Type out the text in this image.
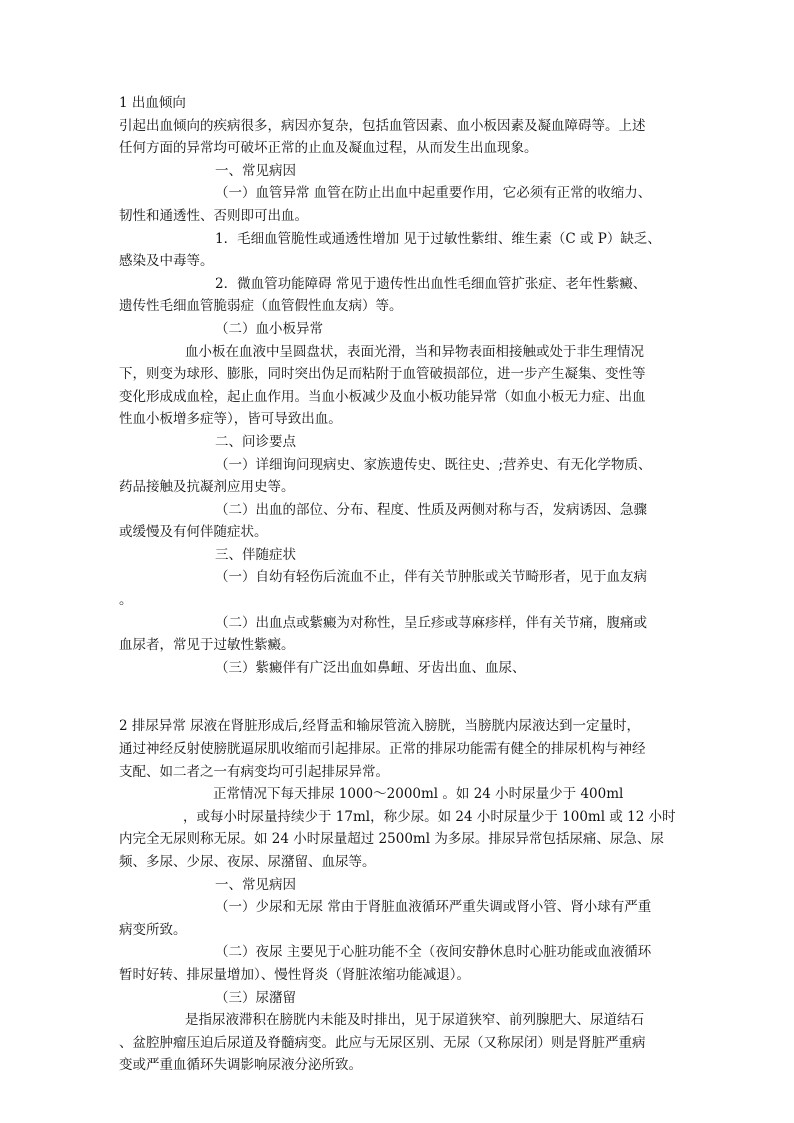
1 出血倾向

引起出血倾向的疾病很多，病因亦复杂，包括血管因素、血小板因素及凝血障碍等。上述

任何方面的异常均可破坏正常的止血及凝血过程，从而发生出血现象。

一、常见病因

（一）血管异常 血管在防止出血中起重要作用，它必须有正常的收缩力、

韧性和通透性、否则即可出血。

1．毛细血管脆性或通透性增加 见于过敏性紫绀、维生素（C 或 P）缺乏、

感染及中毒等。

2．微血管功能障碍 常见于遗传性出血性毛细血管扩张症、老年性紫癜、

遗传性毛细血管脆弱症（血管假性血友病）等。

（二）血小板异常

血小板在血液中呈圆盘状，表面光滑，当和异物表面相接触或处于非生理情况

下，则变为球形、膨胀，同时突出伪足而粘附于血管破损部位，进一步产生凝集、变性等

变化形成成血栓，起止血作用。当血小板减少及血小板功能异常（如血小板无力症、出血

性血小板增多症等），皆可导致出血。

二、问诊要点

（一）详细询问现病史、家族遗传史、既往史、;营养史、有无化学物质、

药品接触及抗凝剂应用史等。

（二）出血的部位、分布、程度、性质及两侧对称与否，发病诱因、急骤

或缓慢及有何伴随症状。

三、伴随症状

（一）自幼有轻伤后流血不止，伴有关节肿胀或关节畸形者，见于血友病

。

（二）出血点或紫癜为对称性，呈丘疹或荨麻疹样，伴有关节痛，腹痛或

血尿者，常见于过敏性紫癜。

（三）紫癜伴有广泛出血如鼻衄、牙齿出血、血尿、

2 排尿异常 尿液在肾脏形成后,经肾盂和输尿管流入膀胱，当膀胱内尿液达到一定量时，

通过神经反射使膀胱逼尿肌收缩而引起排尿。正常的排尿功能需有健全的排尿机构与神经

支配、如二者之一有病变均可引起排尿异常。

正常情况下每天排尿 1000～2000ml 。如 24 小时尿量少于 400ml

，或每小时尿量持续少于 17ml，称少尿。如 24 小时尿量少于 100ml 或 12 小时

内完全无尿则称无尿。如 24 小时尿量超过 2500ml 为多尿。排尿异常包括尿痛、尿急、尿

频、多尿、少尿、夜尿、尿潴留、血尿等。

一、常见病因

（一）少尿和无尿 常由于肾脏血液循环严重失调或肾小管、肾小球有严重

病变所致。

（二）夜尿 主要见于心脏功能不全（夜间安静休息时心脏功能或血液循环

暂时好转、排尿量增加）、慢性肾炎（肾脏浓缩功能减退）。

（三）尿潴留

是指尿液滞积在膀胱内未能及时排出，见于尿道狭窄、前列腺肥大、尿道结石

、盆腔肿瘤压迫后尿道及脊髓病变。此应与无尿区别、无尿（又称尿闭）则是肾脏严重病

变或严重血循环失调影响尿液分泌所致。
